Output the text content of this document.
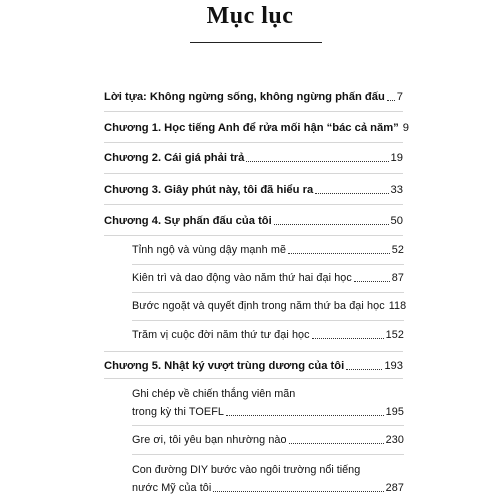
Mục lục
Lời tựa: Không ngừng sống, không ngừng phấn đấu 7
Chương 1. Học tiếng Anh để rửa mối hận “bác cả năm” 9
Chương 2. Cái giá phải trả	19
Chương 3. Giây phút này, tôi đã hiểu ra	33
Chương 4. Sự phấn đấu của tôi	50
Tỉnh ngộ và vùng dậy mạnh mẽ	52
Kiên trì và dao động vào năm thứ hai đại học	87
Bước ngoặt và quyết định trong năm thứ ba đại học 118
Trăm vị cuộc đời năm thứ tư đại học	152
Chương 5. Nhật ký vượt trùng dương của tôi	193
Ghi chép về chiến thắng viên mãn
trong kỳ thi TOEFL	195
Gre ơi, tôi yêu bạn nhường nào	230
Con đường DIY bước vào ngôi trường nổi tiếng
nước Mỹ của tôi	287
